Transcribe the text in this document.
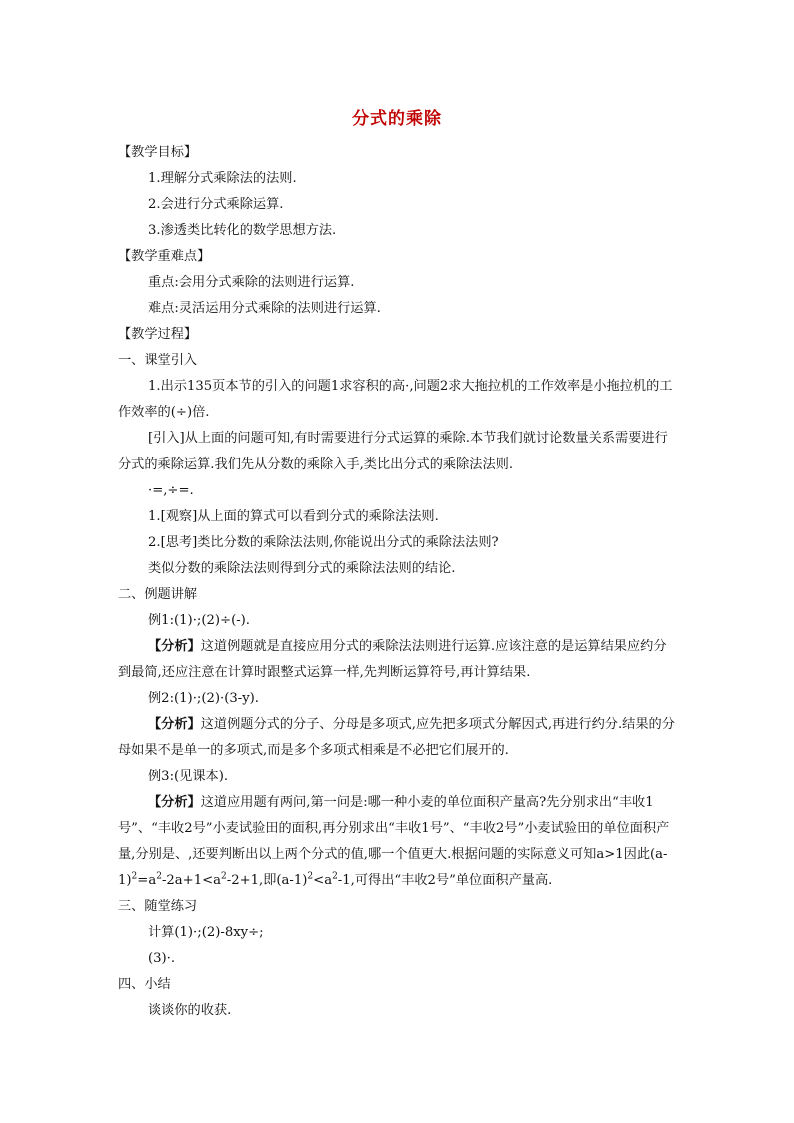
分式的乘除

【教学目标】

1.理解分式乘除法的法则.

2.会进行分式乘除运算.

3.渗透类比转化的数学思想方法.

【教学重难点】

重点:会用分式乘除的法则进行运算.

难点:灵活运用分式乘除的法则进行运算.

【教学过程】

一、课堂引入

1.出示135页本节的引入的问题1求容积的高·,问题2求大拖拉机的工作效率是小拖拉机的工作效率的(÷)倍.

[引入]从上面的问题可知,有时需要进行分式运算的乘除.本节我们就讨论数量关系需要进行分式的乘除运算.我们先从分数的乘除入手,类比出分式的乘除法法则.

·=,÷=.

1.[观察]从上面的算式可以看到分式的乘除法法则.

2.[思考]类比分数的乘除法法则,你能说出分式的乘除法法则?

类似分数的乘除法法则得到分式的乘除法法则的结论.

二、例题讲解

例1:(1)·;(2)÷(-).

【分析】这道例题就是直接应用分式的乘除法法则进行运算.应该注意的是运算结果应约分到最简,还应注意在计算时跟整式运算一样,先判断运算符号,再计算结果.

例2:(1)·;(2)·(3-y).

【分析】这道例题分式的分子、分母是多项式,应先把多项式分解因式,再进行约分.结果的分母如果不是单一的多项式,而是多个多项式相乘是不必把它们展开的.

例3:(见课本).

【分析】这道应用题有两问,第一问是:哪一种小麦的单位面积产量高?先分别求出“丰收1号”、“丰收2号”小麦试验田的面积,再分别求出“丰收1号”、“丰收2号”小麦试验田的单位面积产量,分别是、,还要判断出以上两个分式的值,哪一个值更大.根据问题的实际意义可知a>1因此$(a-1)^2=a^2-2a+1<a^2-2+1$,即$(a-1)^2<a^2-1$,可得出“丰收2号”单位面积产量高.

三、随堂练习

计算(1)·;(2)-8xy÷;

(3)·.

四、小结

谈谈你的收获.
